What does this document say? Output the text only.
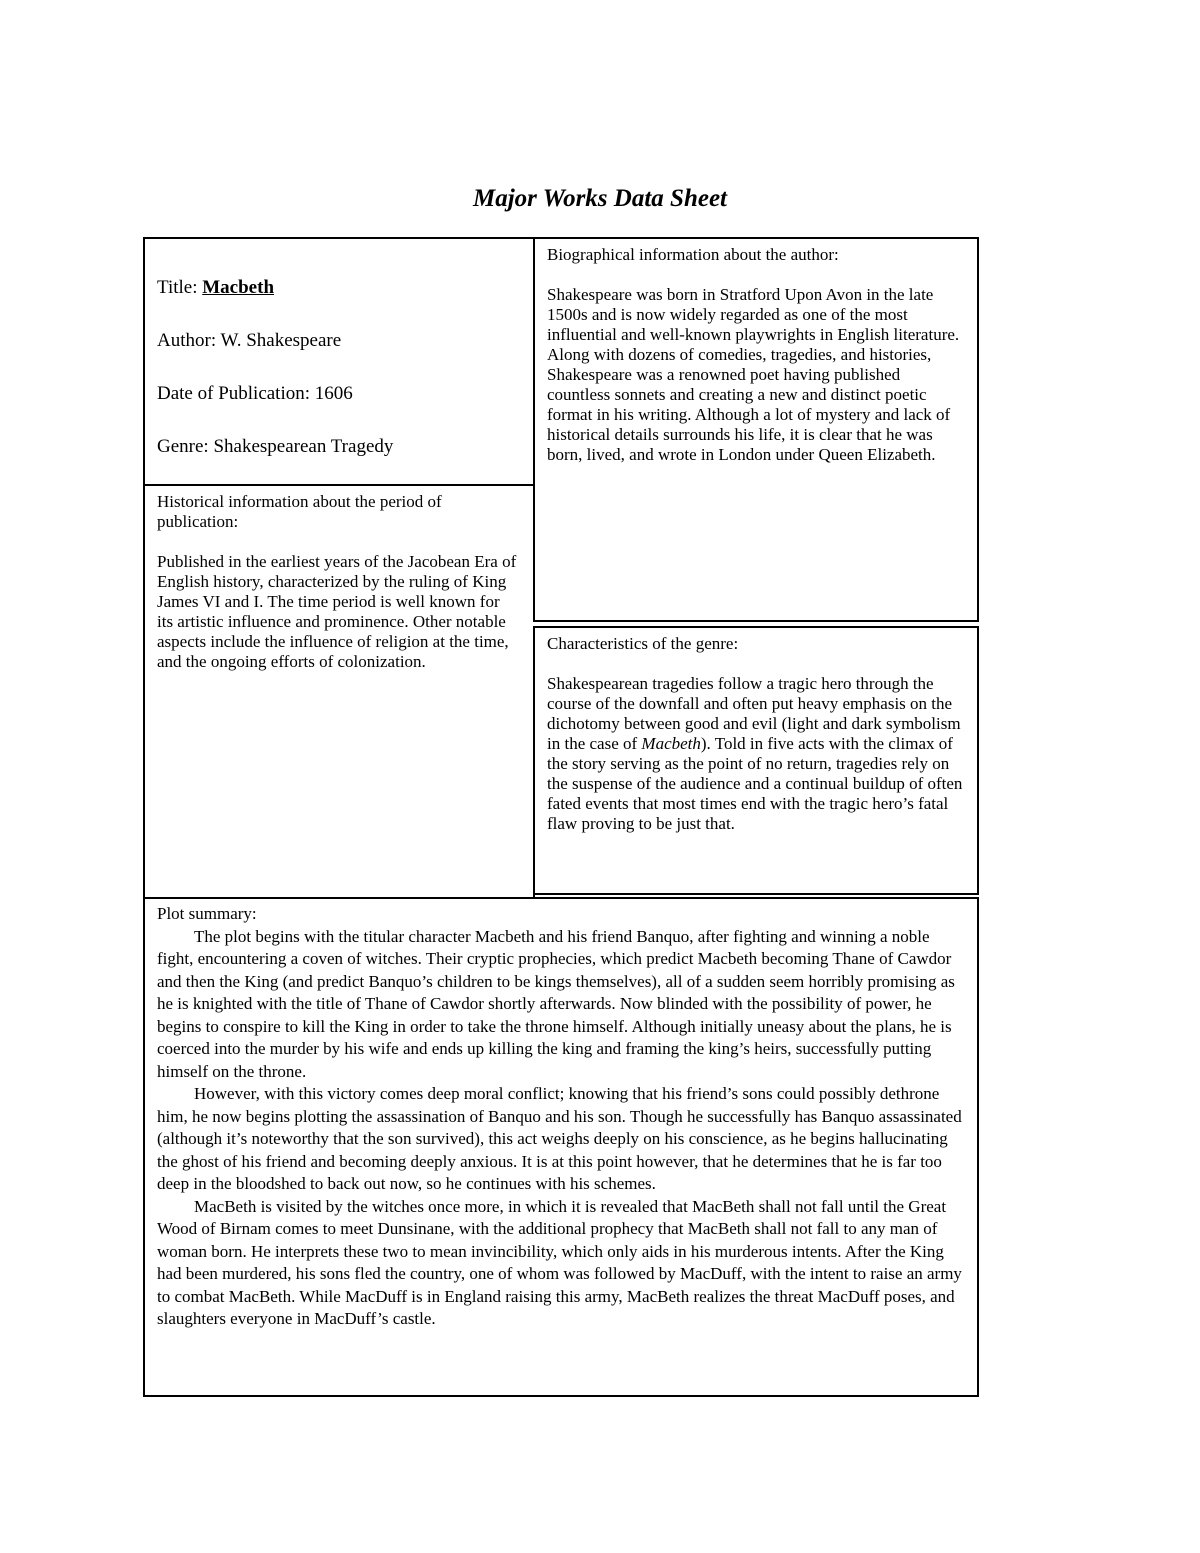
Major Works Data Sheet

Title: Macbeth

Author: W. Shakespeare

Date of Publication: 1606

Genre: Shakespearean Tragedy

Historical information about the period of publication:

Published in the earliest years of the Jacobean Era of English history, characterized by the ruling of King James VI and I. The time period is well known for its artistic influence and prominence. Other notable aspects include the influence of religion at the time, and the ongoing efforts of colonization.

Biographical information about the author:

Shakespeare was born in Stratford Upon Avon in the late 1500s and is now widely regarded as one of the most influential and well-known playwrights in English literature. Along with dozens of comedies, tragedies, and histories, Shakespeare was a renowned poet having published countless sonnets and creating a new and distinct poetic format in his writing. Although a lot of mystery and lack of historical details surrounds his life, it is clear that he was born, lived, and wrote in London under Queen Elizabeth.

Characteristics of the genre:

Shakespearean tragedies follow a tragic hero through the course of the downfall and often put heavy emphasis on the dichotomy between good and evil (light and dark symbolism in the case of Macbeth). Told in five acts with the climax of the story serving as the point of no return, tragedies rely on the suspense of the audience and a continual buildup of often fated events that most times end with the tragic hero’s fatal flaw proving to be just that.

Plot summary:

The plot begins with the titular character Macbeth and his friend Banquo, after fighting and winning a noble fight, encountering a coven of witches. Their cryptic prophecies, which predict Macbeth becoming Thane of Cawdor and then the King (and predict Banquo’s children to be kings themselves), all of a sudden seem horribly promising as he is knighted with the title of Thane of Cawdor shortly afterwards. Now blinded with the possibility of power, he begins to conspire to kill the King in order to take the throne himself. Although initially uneasy about the plans, he is coerced into the murder by his wife and ends up killing the king and framing the king’s heirs, successfully putting himself on the throne.

However, with this victory comes deep moral conflict; knowing that his friend’s sons could possibly dethrone him, he now begins plotting the assassination of Banquo and his son. Though he successfully has Banquo assassinated (although it’s noteworthy that the son survived), this act weighs deeply on his conscience, as he begins hallucinating the ghost of his friend and becoming deeply anxious. It is at this point however, that he determines that he is far too deep in the bloodshed to back out now, so he continues with his schemes.

MacBeth is visited by the witches once more, in which it is revealed that MacBeth shall not fall until the Great Wood of Birnam comes to meet Dunsinane, with the additional prophecy that MacBeth shall not fall to any man of woman born. He interprets these two to mean invincibility, which only aids in his murderous intents. After the King had been murdered, his sons fled the country, one of whom was followed by MacDuff, with the intent to raise an army to combat MacBeth. While MacDuff is in England raising this army, MacBeth realizes the threat MacDuff poses, and slaughters everyone in MacDuff’s castle.
